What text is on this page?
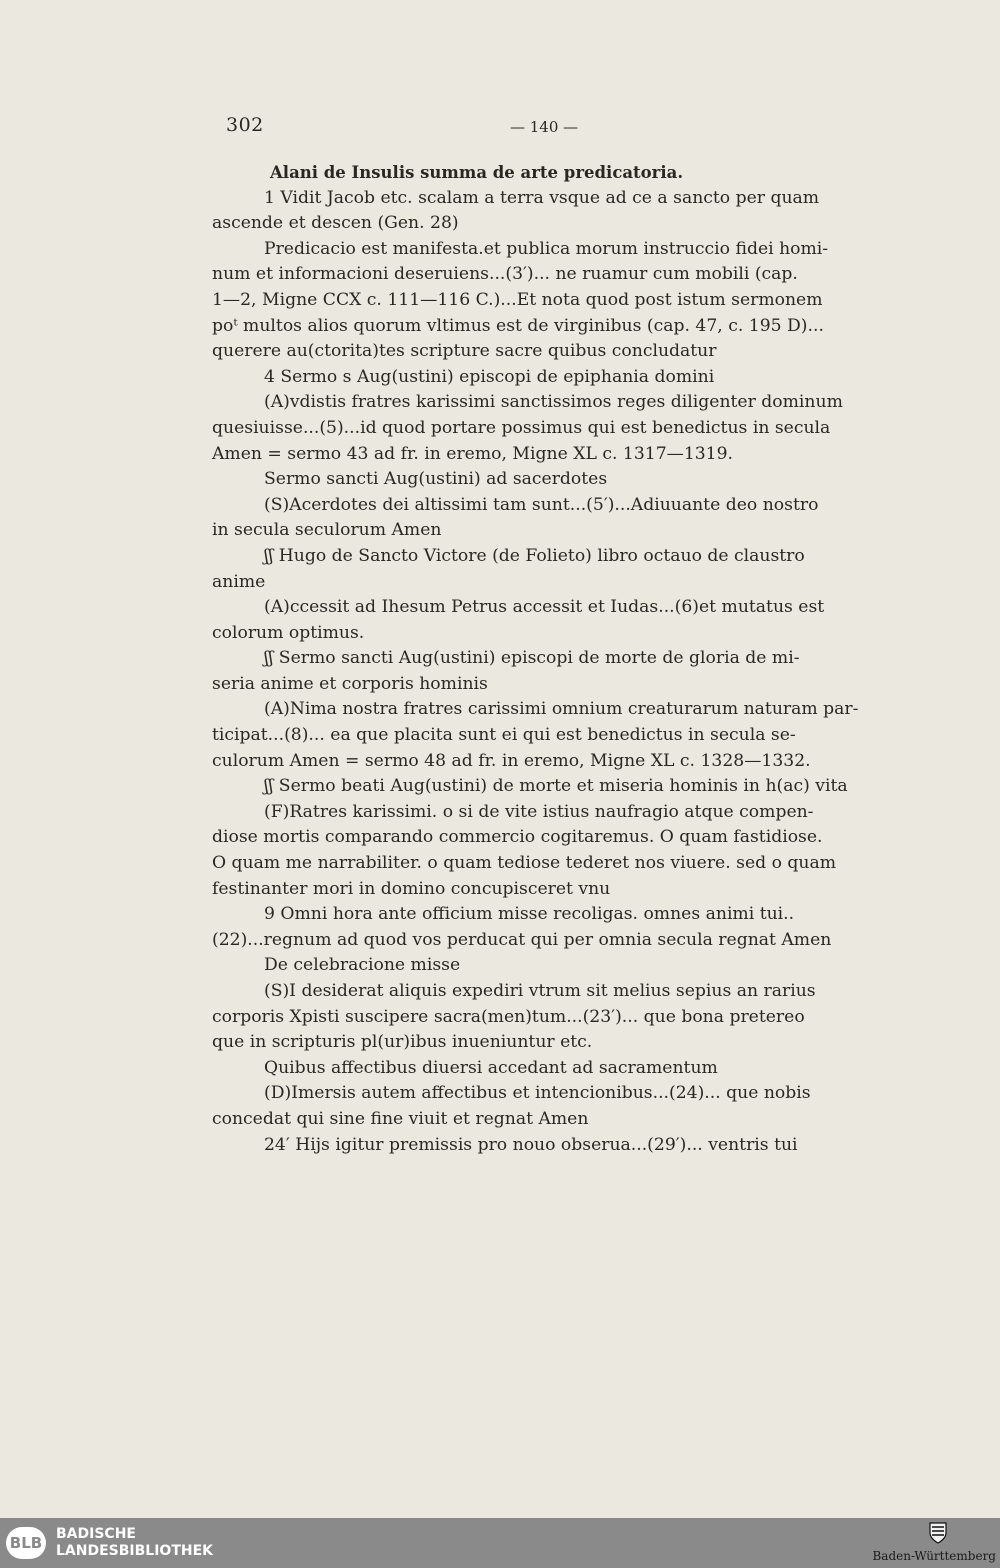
302	— 140 —

Alani de Insulis summa de arte predicatoria.

1 Vidit Jacob etc. scalam a terra vsque ad ce a sancto per quam

ascende et descen (Gen. 28)

Predicacio est manifesta.et publica morum instruccio fidei homi-

num et informacioni deseruiens...(3′)... ne ruamur cum mobili (cap.

1—2, Migne CCX c. 111—116 C.)...Et nota quod post istum sermonem

poᵗ multos alios quorum vltimus est de virginibus (cap. 47, c. 195 D)...

querere au(ctorita)tes scripture sacre quibus concludatur

4 Sermo s Aug(ustini) episcopi de epiphania domini

(A)vdistis fratres karissimi sanctissimos reges diligenter dominum

quesiuisse...(5)...id quod portare possimus qui est benedictus in secula

Amen = sermo 43 ad fr. in eremo, Migne XL c. 1317—1319.

Sermo sancti Aug(ustini) ad sacerdotes

(S)Acerdotes dei altissimi tam sunt...(5′)...Adiuuante deo nostro

in secula seculorum Amen

ʃʃ Hugo de Sancto Victore (de Folieto) libro octauo de claustro

anime

(A)ccessit ad Ihesum Petrus accessit et Iudas...(6)et mutatus est

colorum optimus.

ʃʃ Sermo sancti Aug(ustini) episcopi de morte de gloria de mi-

seria anime et corporis hominis

(A)Nima nostra fratres carissimi omnium creaturarum naturam par-

ticipat...(8)... ea que placita sunt ei qui est benedictus in secula se-

culorum Amen = sermo 48 ad fr. in eremo, Migne XL c. 1328—1332.

ʃʃ Sermo beati Aug(ustini) de morte et miseria hominis in h(ac) vita

(F)Ratres karissimi. o si de vite istius naufragio atque compen-

diose mortis comparando commercio cogitaremus. O quam fastidiose.

O quam me narrabiliter. o quam tediose tederet nos viuere. sed o quam

festinanter mori in domino concupisceret vnu

9 Omni hora ante officium misse recoligas. omnes animi tui..

(22)...regnum ad quod vos perducat qui per omnia secula regnat Amen

De celebracione misse

(S)I desiderat aliquis expediri vtrum sit melius sepius an rarius

corporis Xpisti suscipere sacra(men)tum...(23′)... que bona pretereo

que in scripturis pl(ur)ibus inueniuntur etc.

Quibus affectibus diuersi accedant ad sacramentum

(D)Imersis autem affectibus et intencionibus...(24)... que nobis

concedat qui sine fine viuit et regnat Amen

24′ Hijs igitur premissis pro nouo obserua...(29′)... ventris tui

BLB BADISCHE
LANDESBIBLIOTHEK	Baden-Württemberg
